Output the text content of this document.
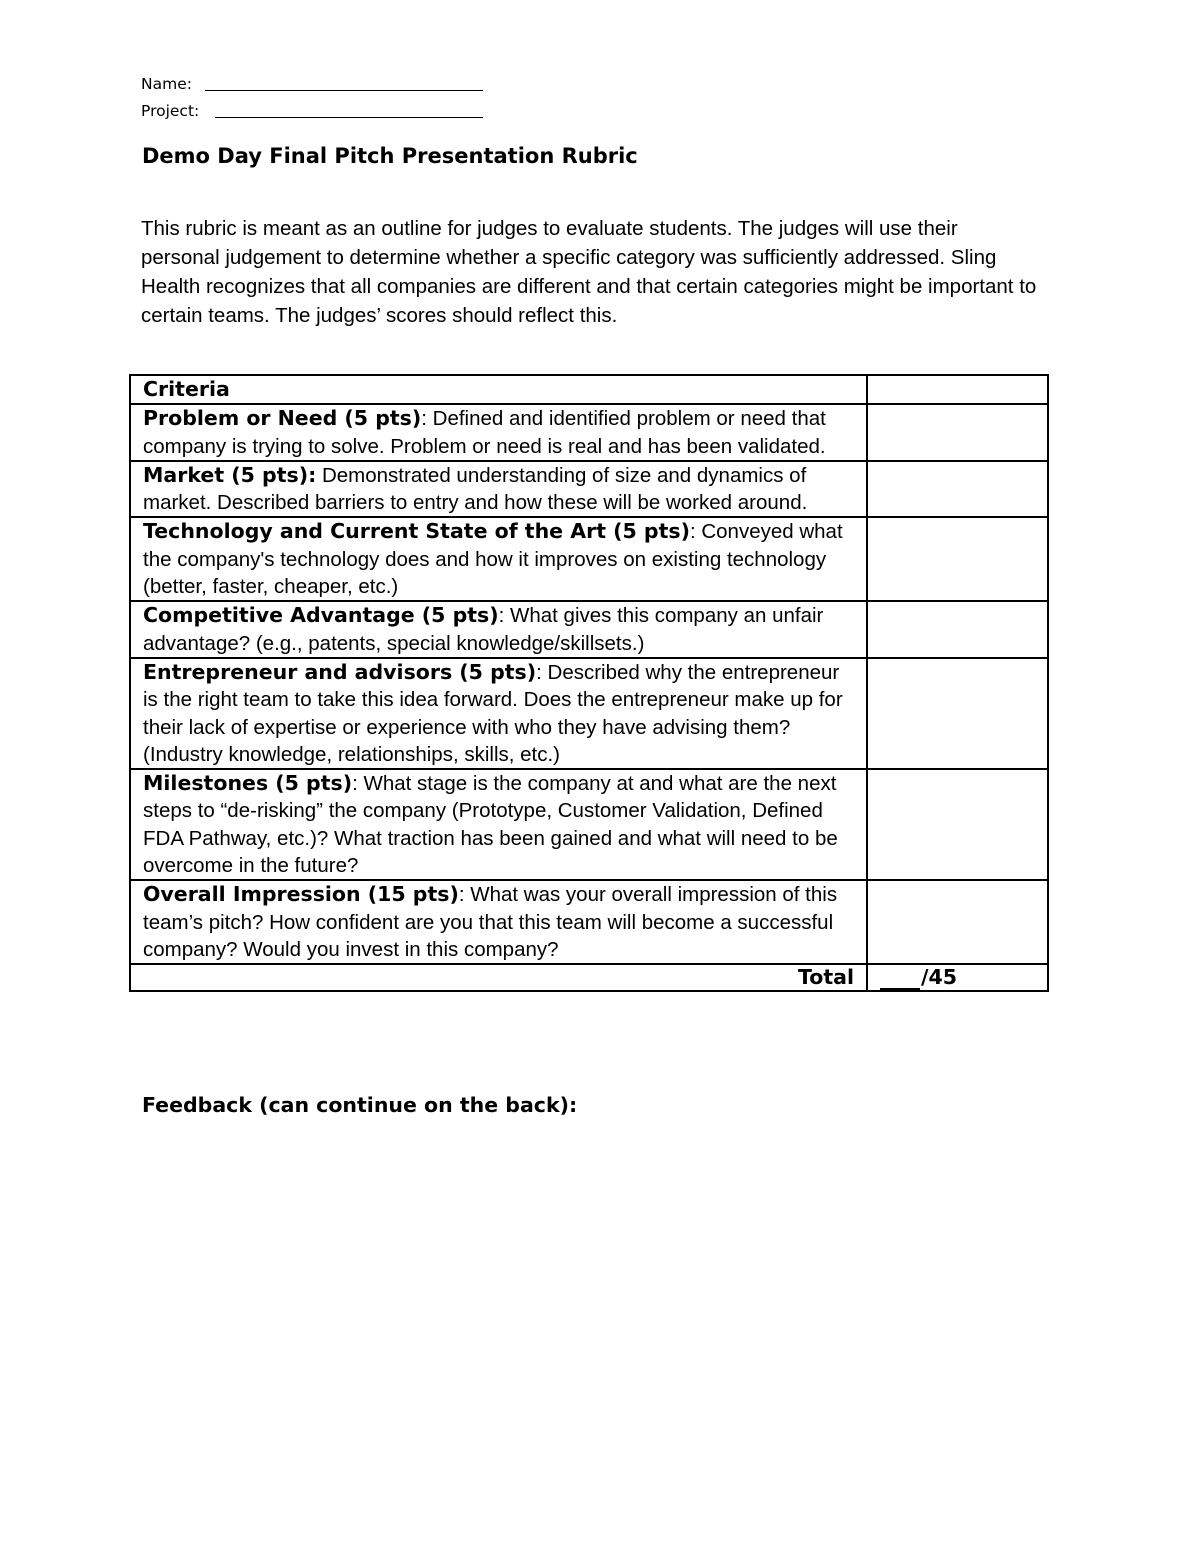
Name:
Project:
Demo Day Final Pitch Presentation Rubric

This rubric is meant as an outline for judges to evaluate students. The judges will use their personal judgement to determine whether a specific category was sufficiently addressed. Sling Health recognizes that all companies are different and that certain categories might be important to certain teams. The judges’ scores should reflect this.

Criteria	
Problem or Need (5 pts): Defined and identified problem or need that company is trying to solve. Problem or need is real and has been validated.	
Market (5 pts): Demonstrated understanding of size and dynamics of market. Described barriers to entry and how these will be worked around.	
Technology and Current State of the Art (5 pts): Conveyed what the company's technology does and how it improves on existing technology (better, faster, cheaper, etc.)	
Competitive Advantage (5 pts): What gives this company an unfair advantage? (e.g., patents, special knowledge/skillsets.)	
Entrepreneur and advisors (5 pts): Described why the entrepreneur is the right team to take this idea forward. Does the entrepreneur make up for their lack of expertise or experience with who they have advising them? (Industry knowledge, relationships, skills, etc.)	
Milestones (5 pts): What stage is the company at and what are the next steps to “de-risking” the company (Prototype, Customer Validation, Defined FDA Pathway, etc.)? What traction has been gained and what will need to be overcome in the future?	
Overall Impression (15 pts): What was your overall impression of this team’s pitch? How confident are you that this team will become a successful company? Would you invest in this company?	
Total	/45

Feedback (can continue on the back):
